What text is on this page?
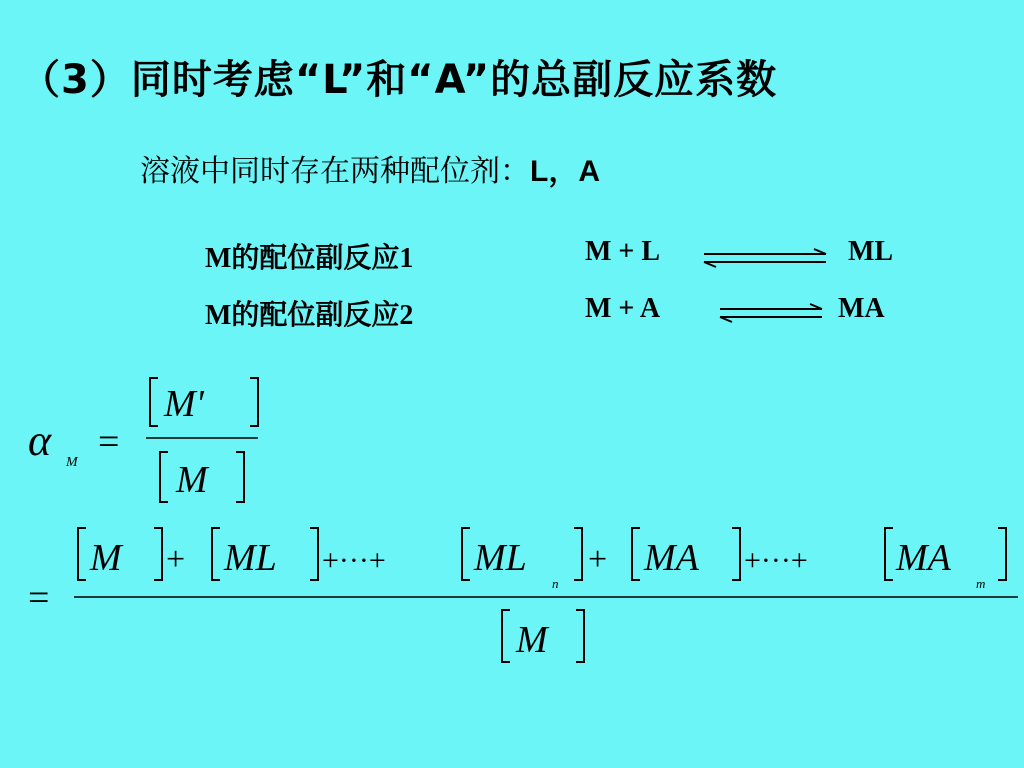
（3）同时考虑“L”和“A”的总副反应系数
溶液中同时存在两种配位剂：L，A
M的配位副反应1	M + L	ML
M的配位副反应2	M + A	MA
α M =
M'
M
=
M + ML +···+ ML
n
+ MA +···+ MA
m
M
